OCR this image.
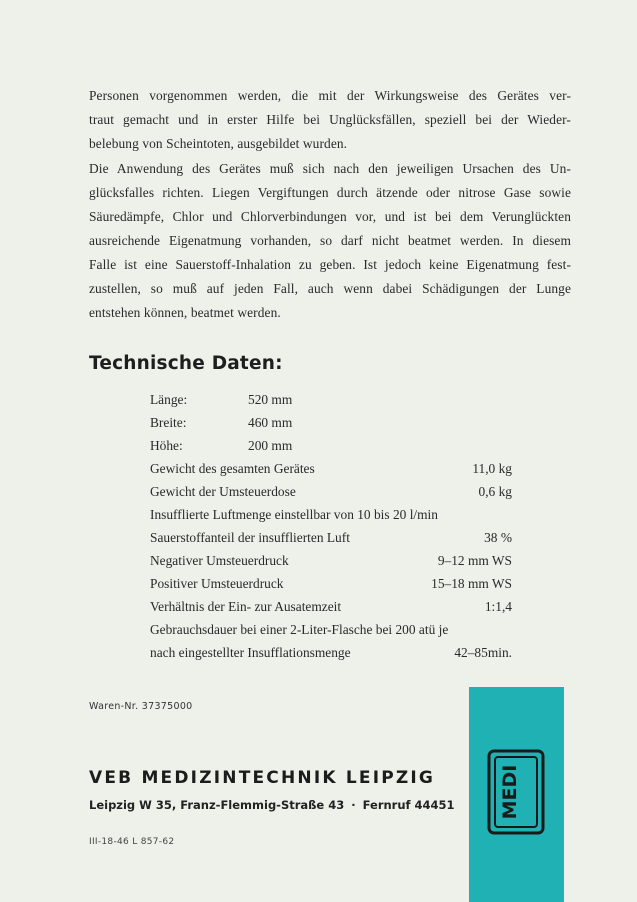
Personen vorgenommen werden, die mit der Wirkungsweise des Gerätes ver-
traut gemacht und in erster Hilfe bei Unglücksfällen, speziell bei der Wieder-
belebung von Scheintoten, ausgebildet wurden.
Die Anwendung des Gerätes muß sich nach den jeweiligen Ursachen des Un-
glücksfalles richten. Liegen Vergiftungen durch ätzende oder nitrose Gase sowie
Säuredämpfe, Chlor und Chlorverbindungen vor, und ist bei dem Verunglückten
ausreichende Eigenatmung vorhanden, so darf nicht beatmet werden. In diesem
Falle ist eine Sauerstoff-Inhalation zu geben. Ist jedoch keine Eigenatmung fest-
zustellen, so muß auf jeden Fall, auch wenn dabei Schädigungen der Lunge
entstehen können, beatmet werden.
Technische Daten:
Länge:	520 mm
Breite:	460 mm
Höhe:	200 mm
Gewicht des gesamten Gerätes	11,0 kg
Gewicht der Umsteuerdose	0,6 kg
Insufflierte Luftmenge einstellbar von 10 bis 20 l/min
Sauerstoffanteil der insufflierten Luft	38 %
Negativer Umsteuerdruck	9–12 mm WS
Positiver Umsteuerdruck	15–18 mm WS
Verhältnis der Ein- zur Ausatemzeit	1:1,4
Gebrauchsdauer bei einer 2-Liter-Flasche bei 200 atü je
nach eingestellter Insufflationsmenge	42–85min.
Waren-Nr. 37375000
VEB MEDIZINTECHNIK LEIPZIG
Leipzig W 35, Franz-Flemmig-Straße 43 · Fernruf 44451
III-18-46 L 857-62
MEDI
